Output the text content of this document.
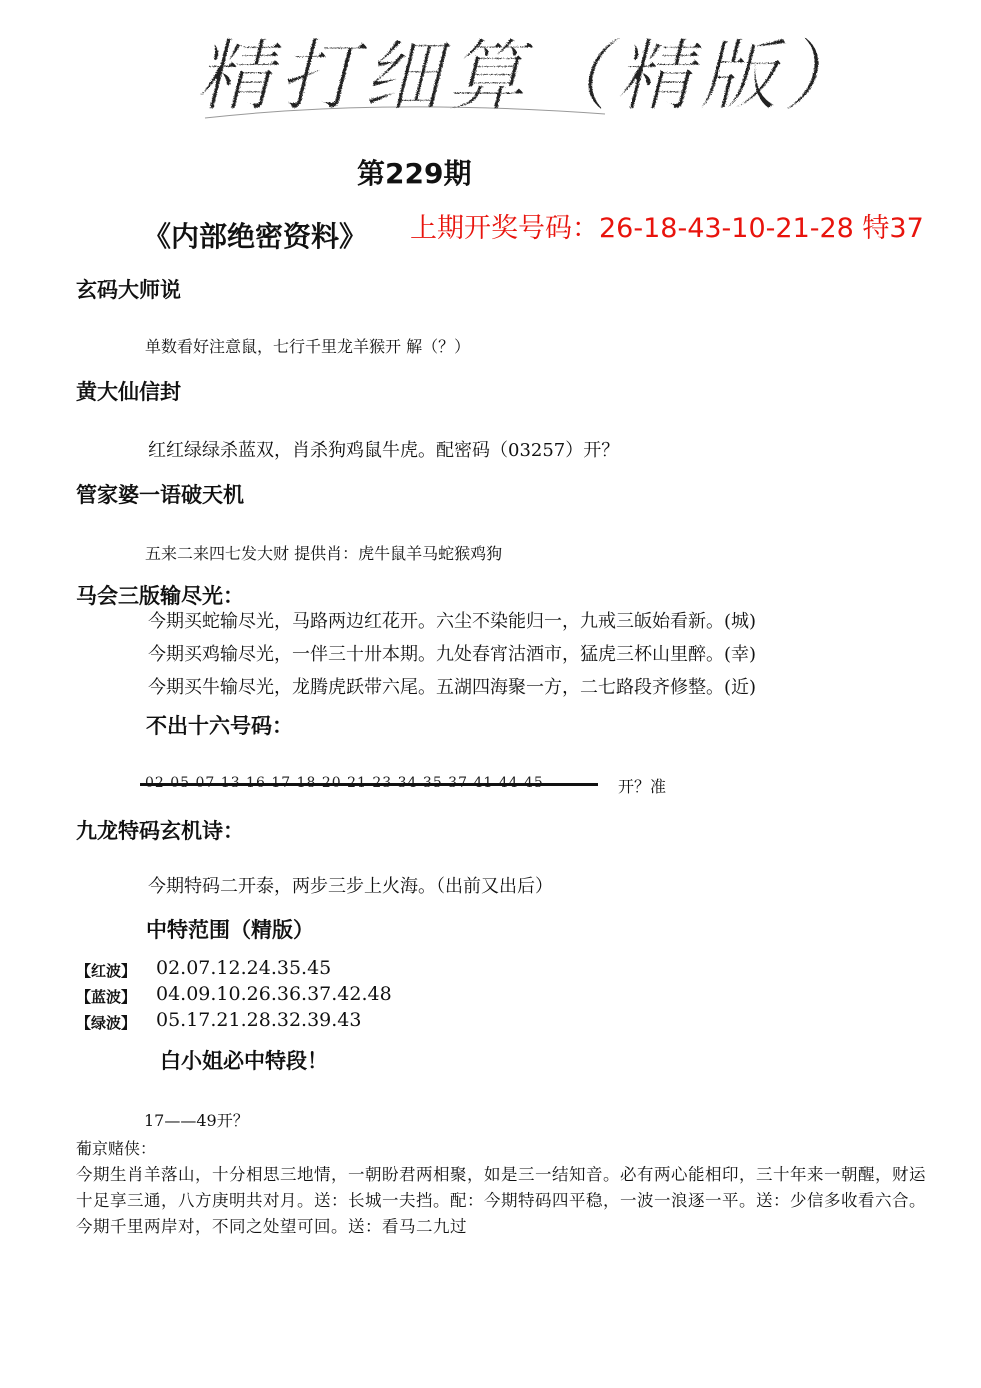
精打细算（精版）
第229期
《内部绝密资料》 上期开奖号码：26-18-43-10-21-28 特37
玄码大师说
单数看好注意鼠，七行千里龙羊猴开 解（？）
黄大仙信封
红红绿绿杀蓝双，肖杀狗鸡鼠牛虎。配密码（03257）开？
管家婆一语破天机
五来二来四七发大财 提供肖：虎牛鼠羊马蛇猴鸡狗
马会三版输尽光：
今期买蛇输尽光，马路两边红花开。六尘不染能归一，九戒三皈始看新。(城)
今期买鸡输尽光，一伴三十卅本期。九处春宵沽酒市，猛虎三杯山里醉。(幸)
今期买牛输尽光，龙腾虎跃带六尾。五湖四海聚一方，二七路段齐修整。(近)
不出十六号码：
开？准
九龙特码玄机诗：
今期特码二开泰，两步三步上火海。（出前又出后）
中特范围（精版）
【红波】 02.07.12.24.35.45
【蓝波】 04.09.10.26.36.37.42.48
【绿波】 05.17.21.28.32.39.43
白小姐必中特段！
17——49开？
葡京赌侠：
今期生肖羊落山，十分相思三地情，一朝盼君两相聚，如是三一结知音。必有两心能相印，三十年来一朝醒，财运十足享三通，八方庚明共对月。送：长城一夫挡。配：今期特码四平稳，一波一浪逐一平。送：少信多收看六合。今期千里两岸对，不同之处望可回。送：看马二九过
